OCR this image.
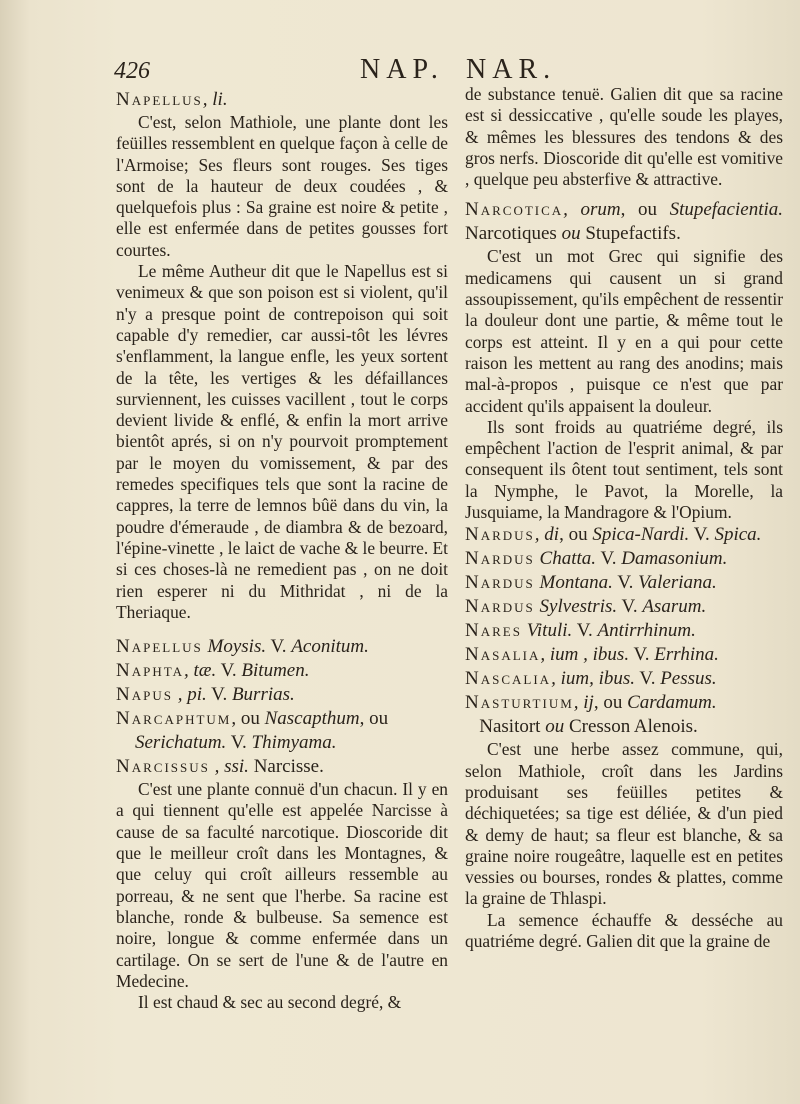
426	NAP. NAR.

Napellus, li.

C'est, selon Mathiole, une plante dont les feüilles ressemblent en quelque façon à celle de l'Armoise; Ses fleurs sont rouges. Ses tiges sont de la hauteur de deux coudées , & quelquefois plus : Sa graine est noire & petite , elle est enfermée dans de petites gousses fort courtes.

Le même Autheur dit que le Napellus est si venimeux & que son poison est si violent, qu'il n'y a presque point de contrepoison qui soit capable d'y remedier, car aussi-tôt les lévres s'enflamment, la langue enfle, les yeux sortent de la tête, les vertiges & les défaillances surviennent, les cuisses vacillent , tout le corps devient livide & enflé, & enfin la mort arrive bientôt aprés, si on n'y pourvoit promptement par le moyen du vomissement, & par des remedes specifiques tels que sont la racine de cappres, la terre de lemnos bûë dans du vin, la poudre d'émeraude , de diambra & de bezoard, l'épine-vinette , le laict de vache & le beurre. Et si ces choses-là ne remedient pas , on ne doit rien esperer ni du Mithridat , ni de la Theriaque.

Napellus Moysis. V. Aconitum.

Naphta, tæ. V. Bitumen.

Napus , pi. V. Burrias.

Narcaphtum, ou Nascapthum, ou
Serichatum. V. Thimyama.

Narcissus , ssi. Narcisse.

C'est une plante connuë d'un chacun. Il y en a qui tiennent qu'elle est appelée Narcisse à cause de sa faculté narcotique. Dioscoride dit que le meilleur croît dans les Montagnes, & que celuy qui croît ailleurs ressemble au porreau, & ne sent que l'herbe. Sa racine est blanche, ronde & bulbeuse. Sa semence est noire, longue & comme enfermée dans un cartilage. On se sert de l'une & de l'autre en Medecine.

Il est chaud & sec au second degré, &

de substance tenuë. Galien dit que sa racine est si dessiccative , qu'elle soude les playes, & mêmes les blessures des tendons & des gros nerfs. Dioscoride dit qu'elle est vomitive , quelque peu absterfive & attractive.

Narcotica, orum, ou Stupefacientia. Narcotiques ou Stupefactifs.

C'est un mot Grec qui signifie des medicamens qui causent un si grand assoupissement, qu'ils empêchent de ressentir la douleur dont une partie, & même tout le corps est atteint. Il y en a qui pour cette raison les mettent au rang des anodins; mais mal-à-propos , puisque ce n'est que par accident qu'ils appaisent la douleur.

Ils sont froids au quatriéme degré, ils empêchent l'action de l'esprit animal, & par consequent ils ôtent tout sentiment, tels sont la Nymphe, le Pavot, la Morelle, la Jusquiame, la Mandragore & l'Opium.

Nardus, di, ou Spica-Nardi. V. Spica.

Nardus Chatta. V. Damasonium.

Nardus Montana. V. Valeriana.

Nardus Sylvestris. V. Asarum.

Nares Vituli. V. Antirrhinum.

Nasalia, ium , ibus. V. Errhina.

Nascalia, ium, ibus. V. Pessus.

Nasturtium, ij, ou Cardamum.
Nasitort ou Cresson Alenois.

C'est une herbe assez commune, qui, selon Mathiole, croît dans les Jardins produisant ses feüilles petites & déchiquetées; sa tige est déliée, & d'un pied & demy de haut; sa fleur est blanche, & sa graine noire rougeâtre, laquelle est en petites vessies ou bourses, rondes & plattes, comme la graine de Thlaspi.

La semence échauffe & desséche au quatriéme degré. Galien dit que la graine de
